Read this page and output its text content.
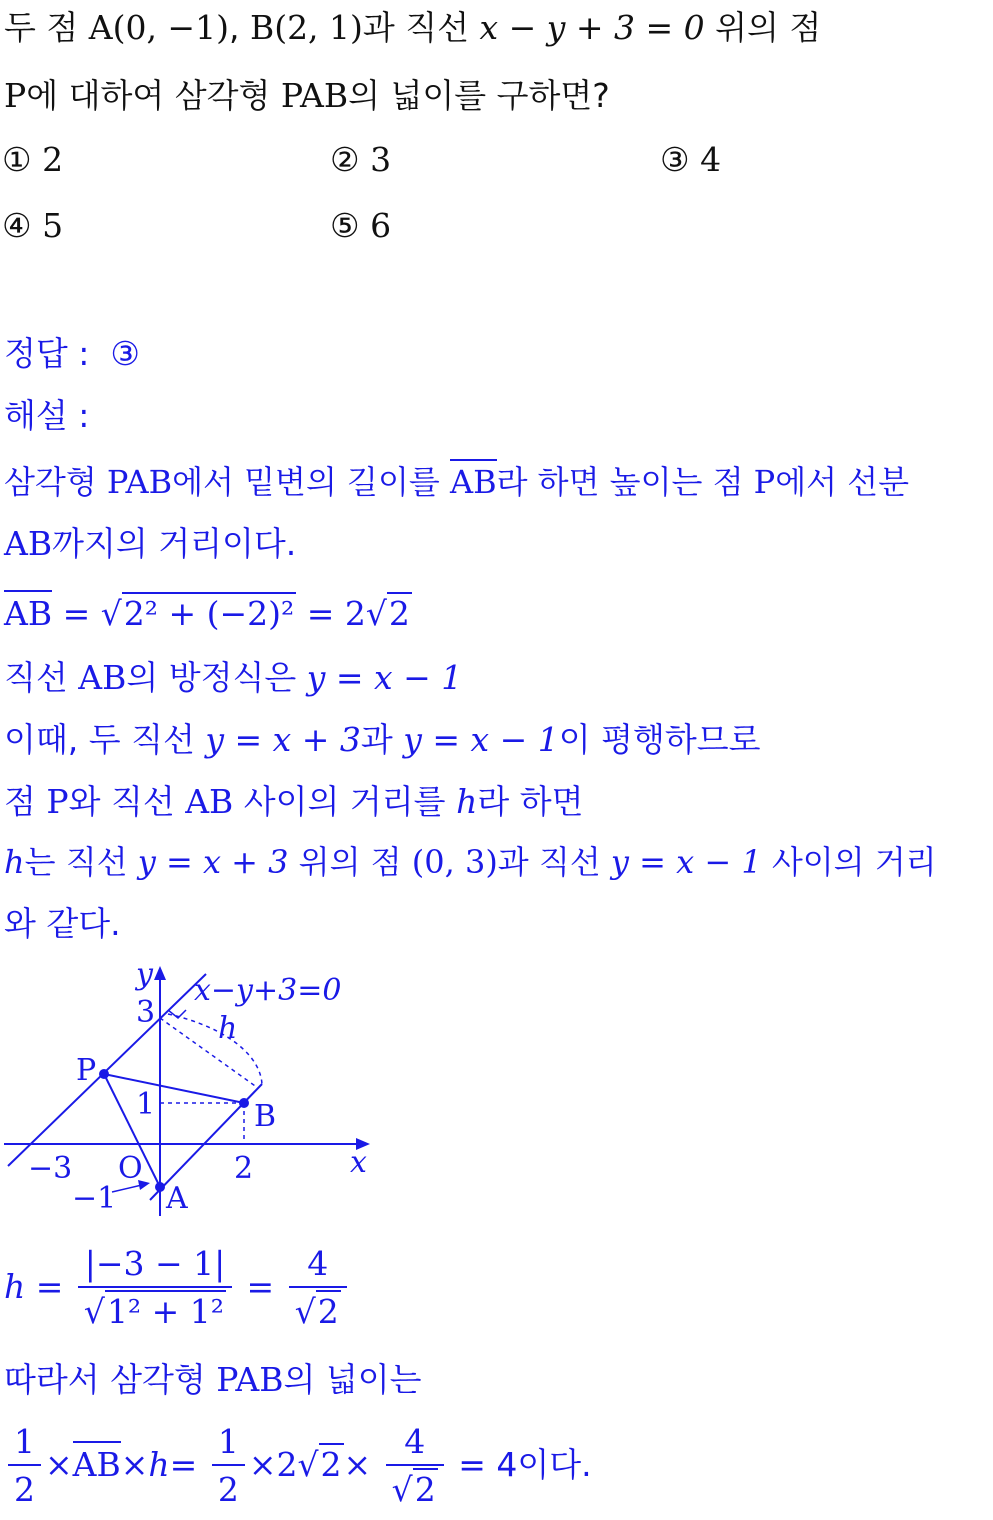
두 점 A(0, −1), B(2, 1)과 직선 x − y + 3 = 0 위의 점
P에 대하여 삼각형 PAB의 넓이를 구하면?
① 2	② 3	③ 4
④ 5	⑤ 6
정답 : ③
해설 :
삼각형 PAB에서 밑변의 길이를 AB라 하면 높이는 점 P에서 선분
AB까지의 거리이다.
AB = √2² + (−2)² = 2√2
직선 AB의 방정식은 y = x − 1
이때, 두 직선 y = x + 3과 y = x − 1이 평행하므로
점 P와 직선 AB 사이의 거리를 h라 하면
h는 직선 y = x + 3 위의 점 (0, 3)과 직선 y = x − 1 사이의 거리
와 같다.
y
x
x−y+3=0
h
P
B
A
O
3
1
−3	2
−1
$h = \frac{|-3 - 1|}{\text{√1² + 1²}} = \frac{4}{√2}$
따라서 삼각형 PAB의 넓이는
$\frac{1}{2} \times AB\times h= \frac{1}{2} \times 2√2\times \frac{4}{√2} = 4$이다.
